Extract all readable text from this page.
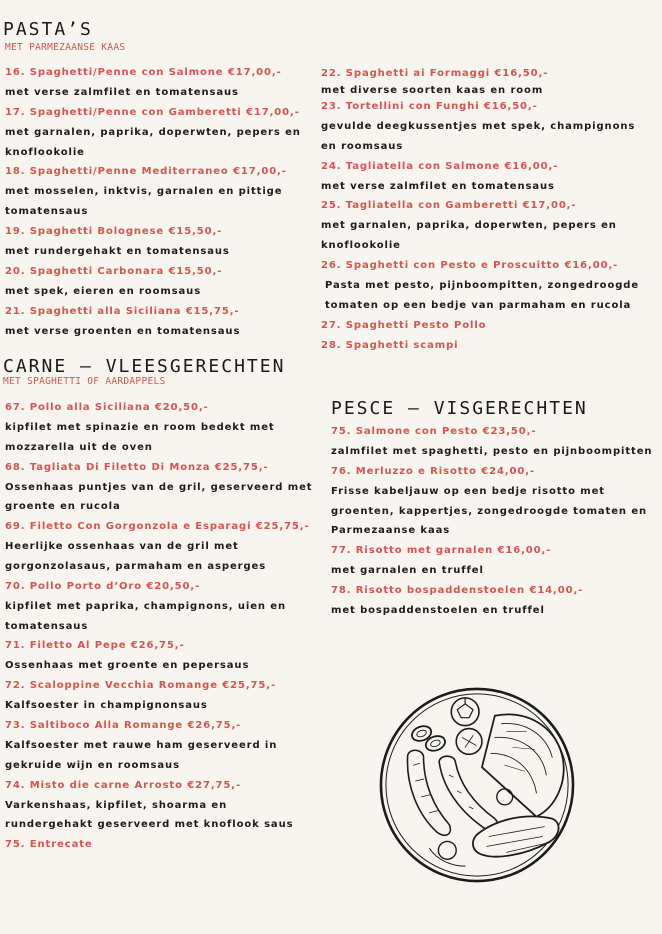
PASTA’S
MET PARMEZAANSE KAAS
16. Spaghetti/Penne con Salmone €17,00,-
met verse zalmfilet en tomatensaus
17. Spaghetti/Penne con Gamberetti €17,00,-
met garnalen, paprika, doperwten, pepers en knoflookolie
18. Spaghetti/Penne Mediterraneo €17,00,-
met mosselen, inktvis, garnalen en pittige tomatensaus
19. Spaghetti Bolognese €15,50,-
met rundergehakt en tomatensaus
20. Spaghetti Carbonara €15,50,-
met spek, eieren en roomsaus
21. Spaghetti alla Siciliana €15,75,-
met verse groenten en tomatensaus
22. Spaghetti ai Formaggi €16,50,-
met diverse soorten kaas en room
23. Tortellini con Funghi €16,50,-
gevulde deegkussentjes met spek, champignons en roomsaus
24. Tagliatella con Salmone €16,00,-
met verse zalmfilet en tomatensaus
25. Tagliatella con Gamberetti €17,00,-
met garnalen, paprika, doperwten, pepers en knoflookolie
26. Spaghetti con Pesto e Proscuitto €16,00,-
Pasta met pesto, pijnboompitten, zongedroogde tomaten op een bedje van parmaham en rucola
27. Spaghetti Pesto Pollo
28. Spaghetti scampi
CARNE – VLEESGERECHTEN
MET SPAGHETTI OF AARDAPPELS
67. Pollo alla Siciliana €20,50,-
kipfilet met spinazie en room bedekt met mozzarella uit de oven
68. Tagliata Di Filetto Di Monza €25,75,-
Ossenhaas puntjes van de gril, geserveerd met groente en rucola
69. Filetto Con Gorgonzola e Esparagi €25,75,-
Heerlijke ossenhaas van de gril met gorgonzolasaus, parmaham en asperges
70. Pollo Porto d’Oro €20,50,-
kipfilet met paprika, champignons, uien en tomatensaus
71. Filetto Al Pepe €26,75,-
Ossenhaas met groente en pepersaus
72. Scaloppine Vecchia Romange €25,75,-
Kalfsoester in champignonsaus
73. Saltiboco Alla Romange €26,75,-
Kalfsoester met rauwe ham geserveerd in gekruide wijn en roomsaus
74. Misto die carne Arrosto €27,75,-
Varkenshaas, kipfilet, shoarma en rundergehakt geserveerd met knoflook saus
75. Entrecate
PESCE – VISGERECHTEN
75. Salmone con Pesto €23,50,-
zalmfilet met spaghetti, pesto en pijnboompitten
76. Merluzzo e Risotto €24,00,-
Frisse kabeljauw op een bedje risotto met groenten, kappertjes, zongedroogde tomaten en Parmezaanse kaas
77. Risotto met garnalen €16,00,-
met garnalen en truffel
78. Risotto bospaddenstoelen €14,00,-
met bospaddenstoelen en truffel
